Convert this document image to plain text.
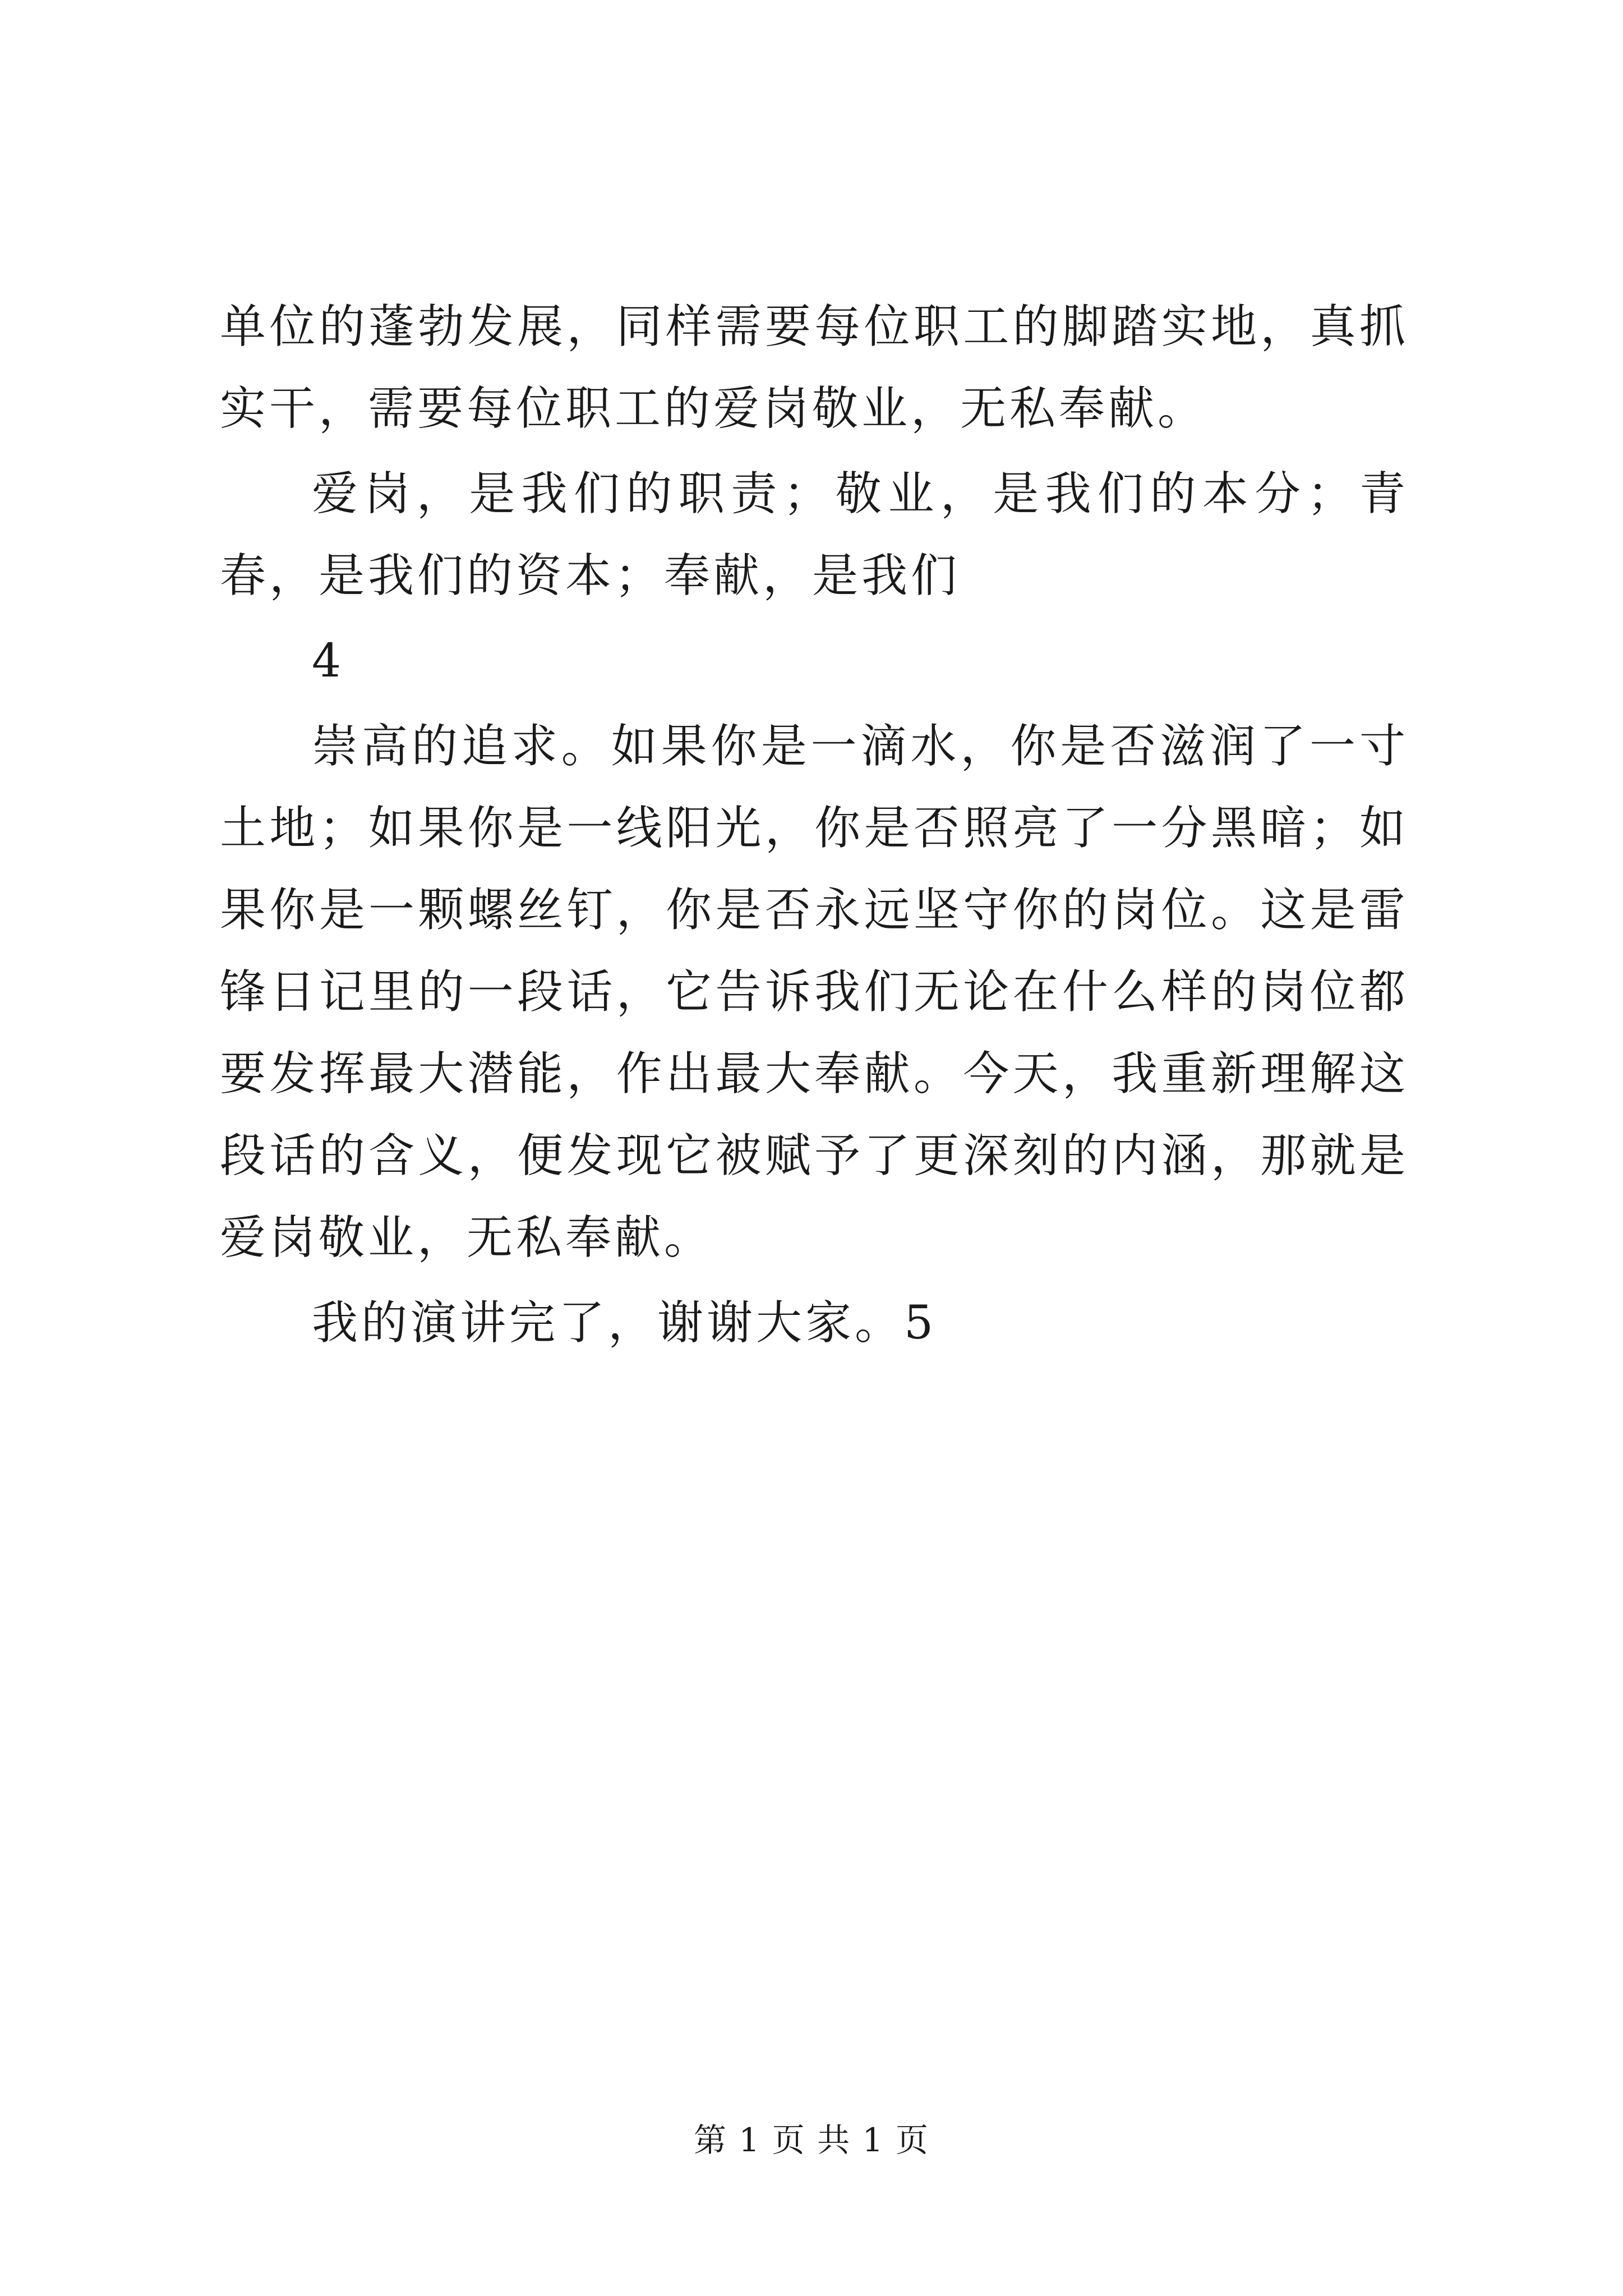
单位的蓬勃发展，同样需要每位职工的脚踏实地，真抓实干，需要每位职工的爱岗敬业，无私奉献。

爱岗，是我们的职责；敬业，是我们的本分；青春，是我们的资本；奉献，是我们

4

崇高的追求。如果你是一滴水，你是否滋润了一寸土地；如果你是一线阳光，你是否照亮了一分黑暗；如果你是一颗螺丝钉，你是否永远坚守你的岗位。这是雷锋日记里的一段话，它告诉我们无论在什么样的岗位都要发挥最大潜能，作出最大奉献。今天，我重新理解这段话的含义，便发现它被赋予了更深刻的内涵，那就是爱岗敬业，无私奉献。

我的演讲完了，谢谢大家。5

第 1 页 共 1 页
